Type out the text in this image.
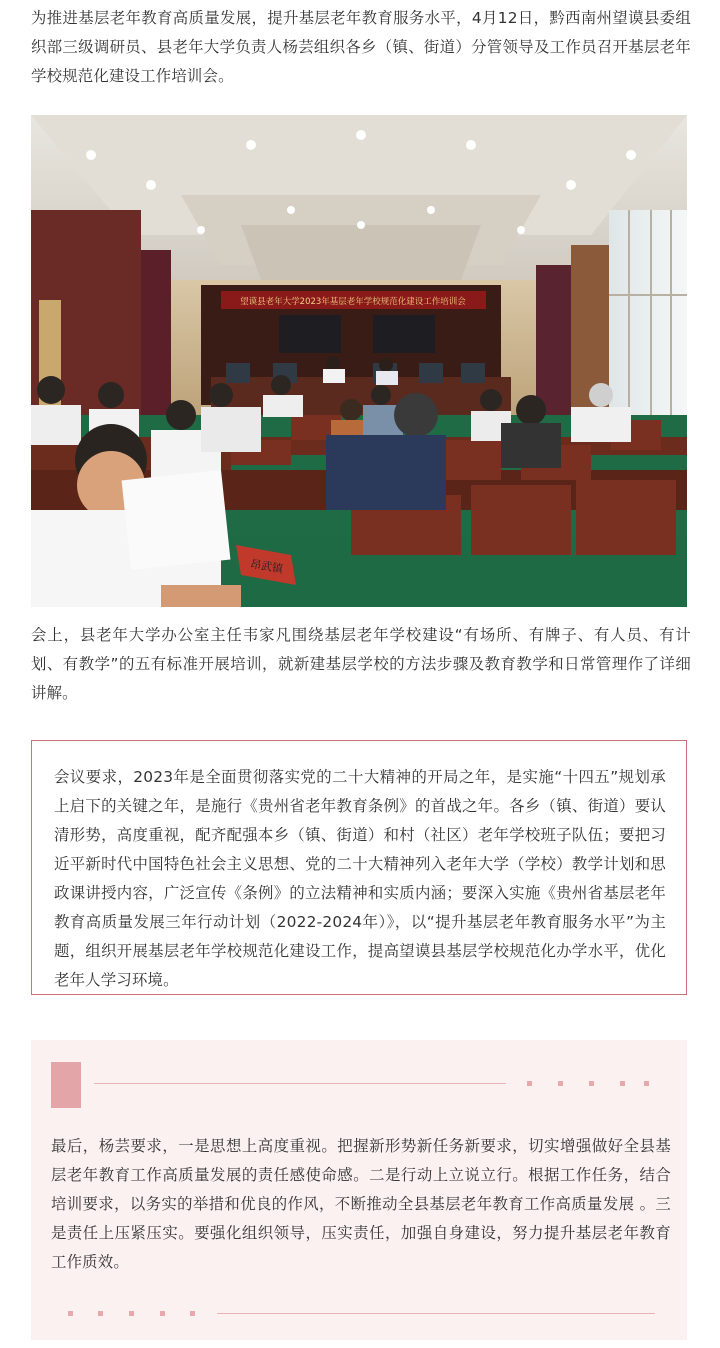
为推进基层老年教育高质量发展，提升基层老年教育服务水平，4月12日，黔西南州望谟县委组织部三级调研员、县老年大学负责人杨芸组织各乡（镇、街道）分管领导及工作员召开基层老年学校规范化建设工作培训会。
望谟县老年大学2023年基层老年学校规范化建设工作培训会
昂武镇
会上，县老年大学办公室主任韦家凡围绕基层老年学校建设“有场所、有牌子、有人员、有计划、有教学”的五有标准开展培训，就新建基层学校的方法步骤及教育教学和日常管理作了详细讲解。
会议要求，2023年是全面贯彻落实党的二十大精神的开局之年，是实施“十四五”规划承上启下的关键之年，是施行《贵州省老年教育条例》的首战之年。各乡（镇、街道）要认清形势，高度重视，配齐配强本乡（镇、街道）和村（社区）老年学校班子队伍；要把习近平新时代中国特色社会主义思想、党的二十大精神列入老年大学（学校）教学计划和思政课讲授内容，广泛宣传《条例》的立法精神和实质内涵；要深入实施《贵州省基层老年教育高质量发展三年行动计划（2022-2024年）》，以“提升基层老年教育服务水平”为主题，组织开展基层老年学校规范化建设工作，提高望谟县基层学校规范化办学水平，优化老年人学习环境。
最后，杨芸要求，一是思想上高度重视。把握新形势新任务新要求，切实增强做好全县基层老年教育工作高质量发展的责任感使命感。二是行动上立说立行。根据工作任务，结合培训要求，以务实的举措和优良的作风，不断推动全县基层老年教育工作高质量发展 。三是责任上压紧压实。要强化组织领导，压实责任，加强自身建设，努力提升基层老年教育工作质效。
